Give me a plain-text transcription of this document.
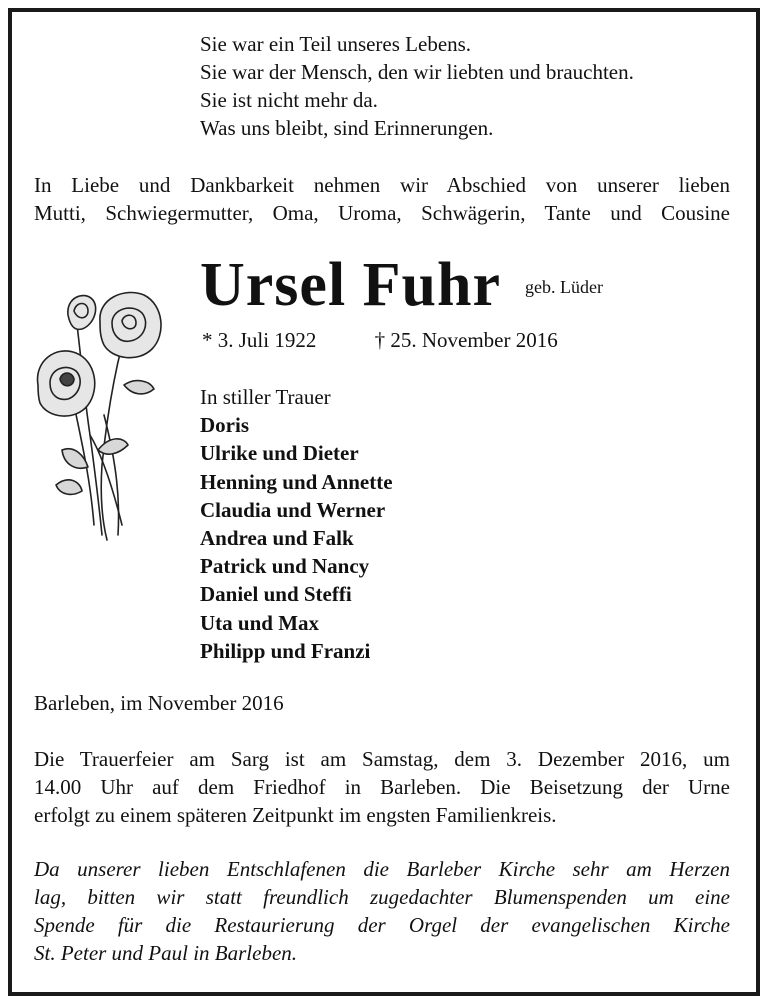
Sie war ein Teil unseres Lebens.
Sie war der Mensch, den wir liebten und brauchten.
Sie ist nicht mehr da.
Was uns bleibt, sind Erinnerungen.
In Liebe und Dankbarkeit nehmen wir Abschied von unserer lieben
Mutti, Schwiegermutter, Oma, Uroma, Schwägerin, Tante und Cousine
Ursel Fuhr geb. Lüder
* 3. Juli 1922	† 25. November 2016
In stiller Trauer
Doris
Ulrike und Dieter
Henning und Annette
Claudia und Werner
Andrea und Falk
Patrick und Nancy
Daniel und Steffi
Uta und Max
Philipp und Franzi
Barleben, im November 2016
Die Trauerfeier am Sarg ist am Samstag, dem 3. Dezember 2016, um
14.00 Uhr auf dem Friedhof in Barleben. Die Beisetzung der Urne
erfolgt zu einem späteren Zeitpunkt im engsten Familienkreis.
Da unserer lieben Entschlafenen die Barleber Kirche sehr am Herzen
lag, bitten wir statt freundlich zugedachter Blumenspenden um eine
Spende für die Restaurierung der Orgel der evangelischen Kirche
St. Peter und Paul in Barleben.
